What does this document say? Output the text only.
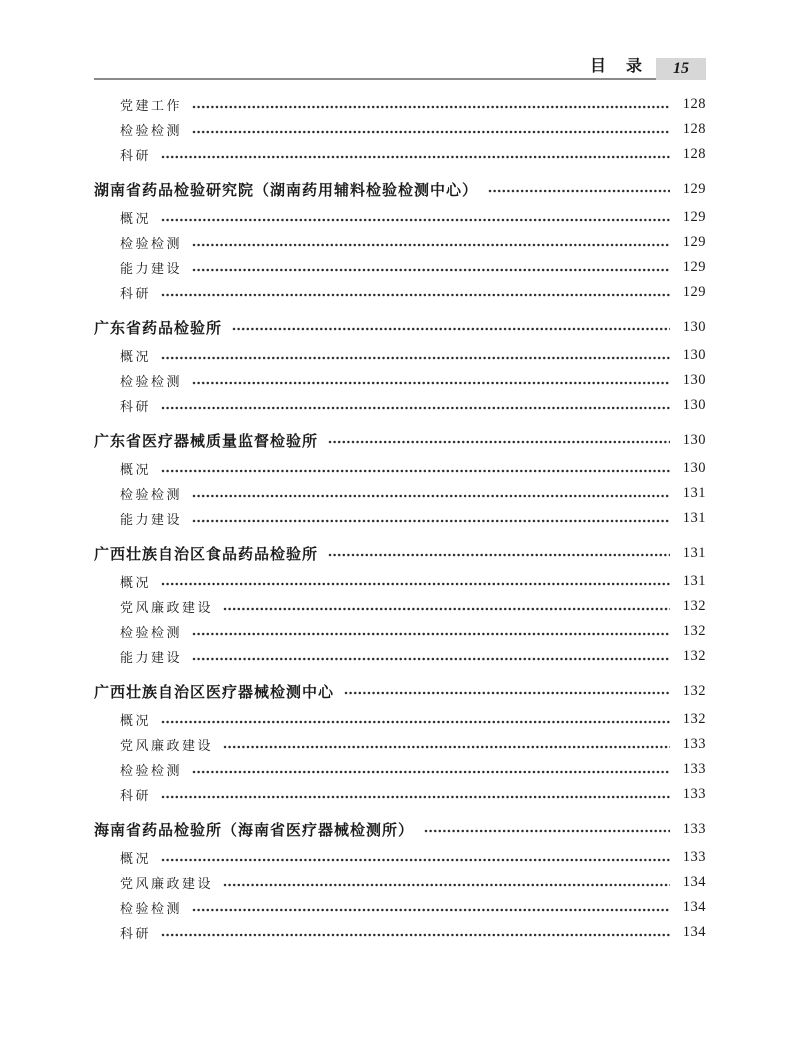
目　录	15
党建工作	128
检验检测	128
科研	128
湖南省药品检验研究院（湖南药用辅料检验检测中心）	129
概况	129
检验检测	129
能力建设	129
科研	129
广东省药品检验所	130
概况	130
检验检测	130
科研	130
广东省医疗器械质量监督检验所	130
概况	130
检验检测	131
能力建设	131
广西壮族自治区食品药品检验所	131
概况	131
党风廉政建设	132
检验检测	132
能力建设	132
广西壮族自治区医疗器械检测中心	132
概况	132
党风廉政建设	133
检验检测	133
科研	133
海南省药品检验所（海南省医疗器械检测所）	133
概况	133
党风廉政建设	134
检验检测	134
科研	134
